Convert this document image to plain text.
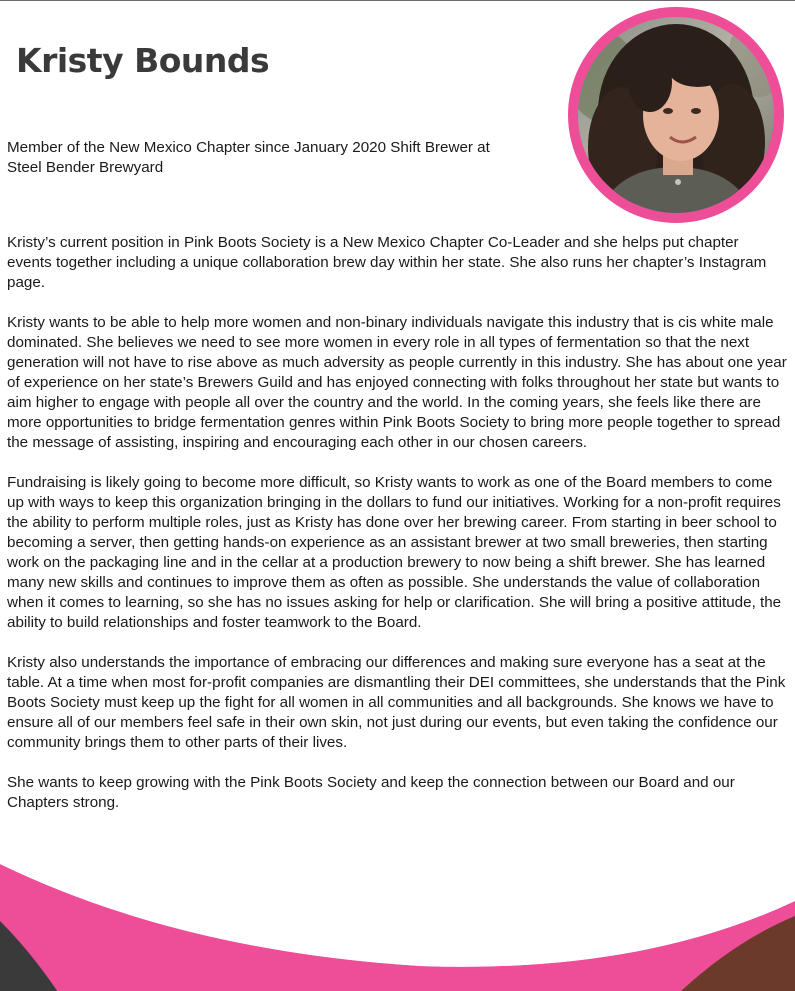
Kristy Bounds

Member of the New Mexico Chapter since January 2020 Shift Brewer at Steel Bender Brewyard

Kristy’s current position in Pink Boots Society is a New Mexico Chapter Co-Leader and she helps put chapter events together including a unique collaboration brew day within her state. She also runs her chapter’s Instagram page.

Kristy wants to be able to help more women and non-binary individuals navigate this industry that is cis white male dominated. She believes we need to see more women in every role in all types of fermentation so that the next generation will not have to rise above as much adversity as people currently in this industry. She has about one year of experience on her state’s Brewers Guild and has enjoyed connecting with folks throughout her state but wants to aim higher to engage with people all over the country and the world. In the coming years, she feels like there are more opportunities to bridge fermentation genres within Pink Boots Society to bring more people together to spread the message of assisting, inspiring and encouraging each other in our chosen careers.

Fundraising is likely going to become more difficult, so Kristy wants to work as one of the Board members to come up with ways to keep this organization bringing in the dollars to fund our initiatives. Working for a non-profit requires the ability to perform multiple roles, just as Kristy has done over her brewing career. From starting in beer school to becoming a server, then getting hands-on experience as an assistant brewer at two small breweries, then starting work on the packaging line and in the cellar at a production brewery to now being a shift brewer. She has learned many new skills and continues to improve them as often as possible. She understands the value of collaboration when it comes to learning, so she has no issues asking for help or clarification. She will bring a positive attitude, the ability to build relationships and foster teamwork to the Board.

Kristy also understands the importance of embracing our differences and making sure everyone has a seat at the table. At a time when most for-profit companies are dismantling their DEI committees, she understands that the Pink Boots Society must keep up the fight for all women in all communities and all backgrounds. She knows we have to ensure all of our members feel safe in their own skin, not just during our events, but even taking the confidence our community brings them to other parts of their lives.

She wants to keep growing with the Pink Boots Society and keep the connection between our Board and our Chapters strong.
